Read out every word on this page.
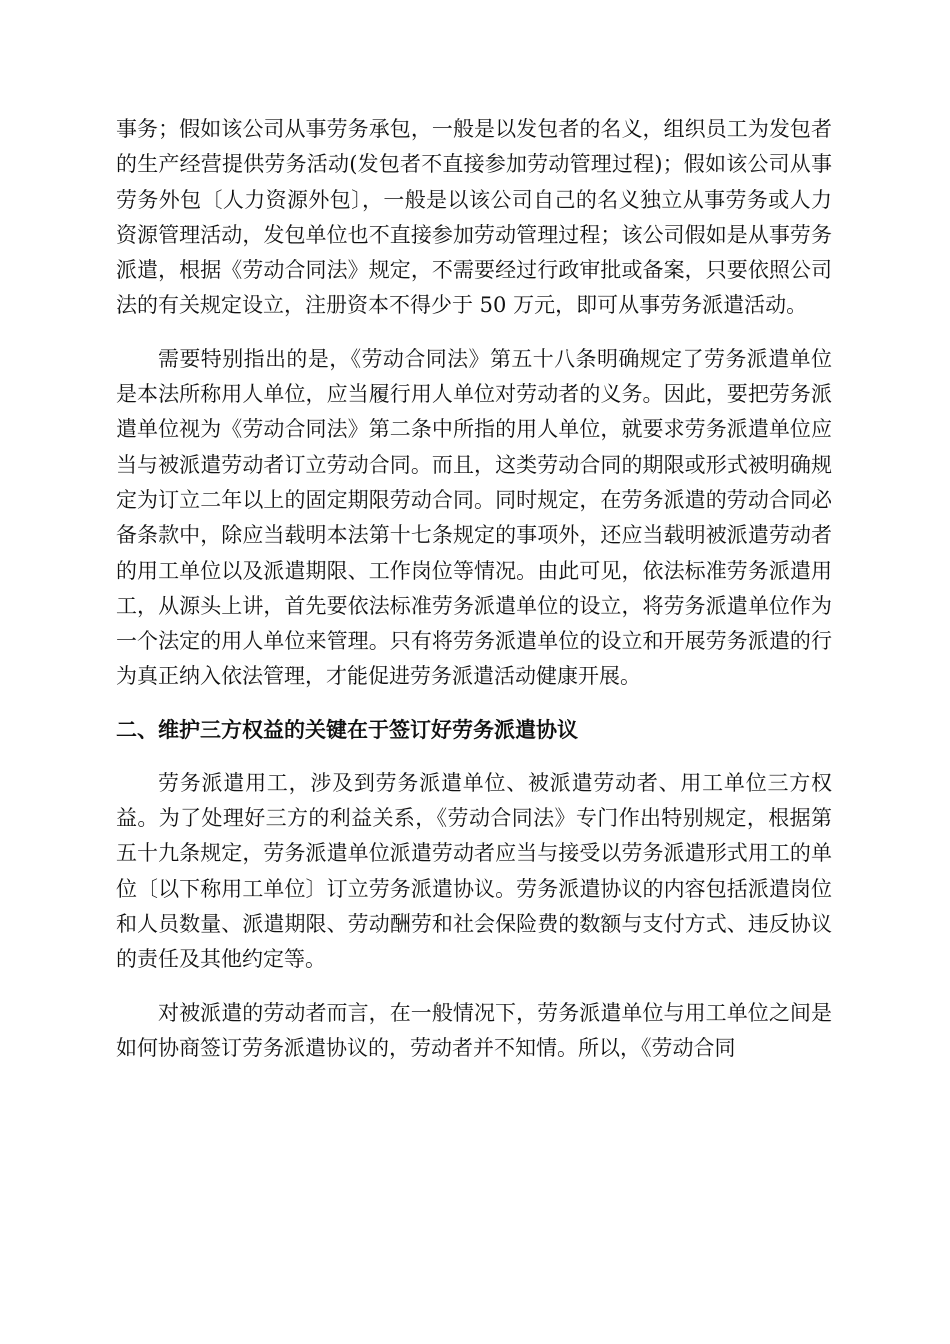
事务；假如该公司从事劳务承包，一般是以发包者的名义，组织员工为发包者的生产经营提供劳务活动(发包者不直接参加劳动管理过程)；假如该公司从事劳务外包〔人力资源外包〕，一般是以该公司自己的名义独立从事劳务或人力资源管理活动，发包单位也不直接参加劳动管理过程；该公司假如是从事劳务派遣，根据《劳动合同法》规定，不需要经过行政审批或备案，只要依照公司法的有关规定设立，注册资本不得少于 50 万元，即可从事劳务派遣活动。

需要特别指出的是，《劳动合同法》第五十八条明确规定了劳务派遣单位是本法所称用人单位，应当履行用人单位对劳动者的义务。因此，要把劳务派遣单位视为《劳动合同法》第二条中所指的用人单位，就要求劳务派遣单位应当与被派遣劳动者订立劳动合同。而且，这类劳动合同的期限或形式被明确规定为订立二年以上的固定期限劳动合同。同时规定，在劳务派遣的劳动合同必备条款中，除应当载明本法第十七条规定的事项外，还应当载明被派遣劳动者的用工单位以及派遣期限、工作岗位等情况。由此可见，依法标准劳务派遣用工，从源头上讲，首先要依法标准劳务派遣单位的设立，将劳务派遣单位作为一个法定的用人单位来管理。只有将劳务派遣单位的设立和开展劳务派遣的行为真正纳入依法管理，才能促进劳务派遣活动健康开展。

二、维护三方权益的关键在于签订好劳务派遣协议

劳务派遣用工，涉及到劳务派遣单位、被派遣劳动者、用工单位三方权益。为了处理好三方的利益关系，《劳动合同法》专门作出特别规定，根据第五十九条规定，劳务派遣单位派遣劳动者应当与接受以劳务派遣形式用工的单位〔以下称用工单位〕订立劳务派遣协议。劳务派遣协议的内容包括派遣岗位和人员数量、派遣期限、劳动酬劳和社会保险费的数额与支付方式、违反协议的责任及其他约定等。

对被派遣的劳动者而言，在一般情况下，劳务派遣单位与用工单位之间是如何协商签订劳务派遣协议的，劳动者并不知情。所以，《劳动合同
